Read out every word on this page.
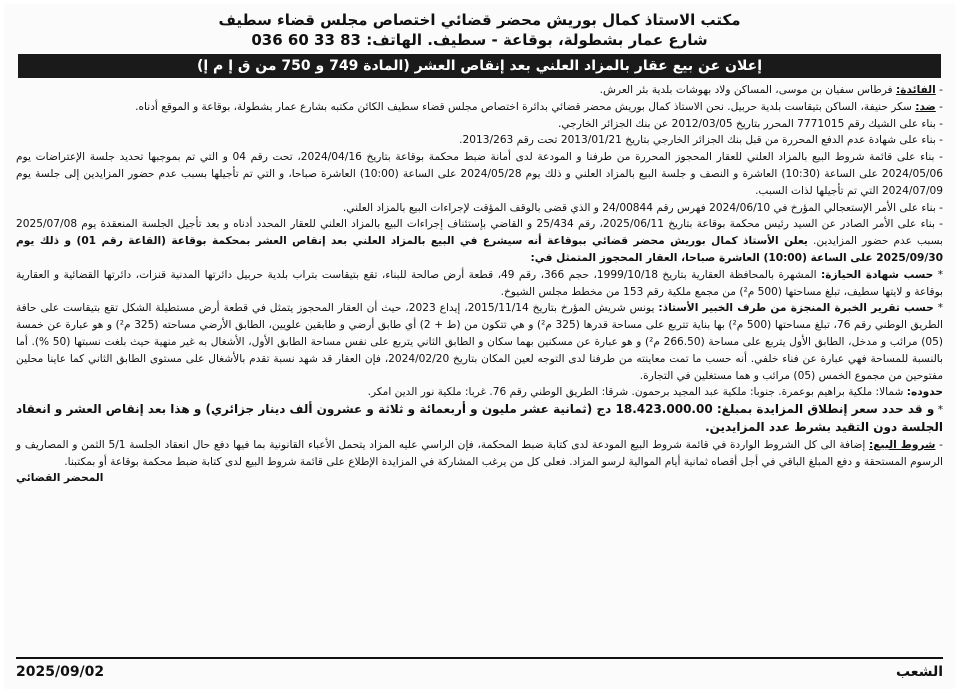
مكتب الاستاذ كمال بوريش محضر قضائي اختصاص مجلس قضاء سطيف
شارع عمار بشطولة، بوقاعة - سطيف. الهاتف: 83 33 60 036
إعلان عن بيع عقار بالمزاد العلني بعد إنقاص العشر (المادة 749 و 750 من ق إ م إ)

- الفائدة: فرطاس سفيان بن موسى، المساكن ولاد بهوشات بلدية بئر العرش.

- ضد: سكر حنيفة، الساكن بتيقاست بلدية حربيل. نحن الاستاذ كمال بوريش محضر قضائي بدائرة اختصاص مجلس قضاء سطيف الكائن مكتبه بشارع عمار بشطولة، بوقاعة و الموقع أدناه.

- بناء على الشيك رقم 7771015 المحرر بتاريخ 2012/03/05 عن بنك الجزائر الخارجي.

- بناء على شهادة عدم الدفع المحررة من قبل بنك الجزائر الخارجي بتاريخ 2013/01/21 تحت رقم 2013/263.

- بناء على قائمة شروط البيع بالمزاد العلني للعقار المحجوز المحررة من طرفنا و المودعة لدى أمانة ضبط محكمة بوقاعة بتاريخ 2024/04/16، تحت رقم 04 و التي تم بموجبها تحديد جلسة الإعتراضات يوم 2024/05/06 على الساعة (10:30) العاشرة و النصف و جلسة البيع بالمزاد العلني و ذلك يوم 2024/05/28 على الساعة (10:00) العاشرة صباحا، و التي تم تأجيلها بسبب عدم حضور المزايدين إلى جلسة يوم 2024/07/09 التي تم تأجيلها لذات السبب.

- بناء على الأمر الإستعجالي المؤرخ في 2024/06/10 فهرس رقم 24/00844 و الذي قضى بالوقف المؤقت لإجراءات البيع بالمزاد العلني.

- بناء على الأمر الصادر عن السيد رئيس محكمة بوقاعة بتاريخ 2025/06/11، رقم 25/434 و القاضي بإستئناف إجراءات البيع بالمزاد العلني للعقار المحدد أدناه و بعد تأجيل الجلسة المنعقدة يوم 2025/07/08 بسبب عدم حضور المزايدين. يعلن الأستاذ كمال بوريش محضر قضائي ببوقاعة أنه سيشرع في البيع بالمزاد العلني بعد إنقاص العشر بمحكمة بوقاعة (القاعة رقم 01) و ذلك يوم 2025/09/30 على الساعة (10:00) العاشرة صباحا، العقار المحجوز المتمثل في:

* حسب شهادة الحيازة: المشهرة بالمحافظة العقارية بتاريخ 1999/10/18، حجم 366، رقم 49، قطعة أرض صالحة للبناء، تقع بتيقاست بتراب بلدية حربيل دائرتها المدنية قنزات، دائرتها القضائية و العقارية بوقاعة و لايتها سطيف، تبلغ مساحتها (500 م²) من مجمع ملكية رقم 153 من مخطط مجلس الشيوخ.

* حسب تقرير الخبرة المنجزة من طرف الخبير الأستاذ: يونس شريش المؤرخ بتاريخ 2015/11/14، إيداع 2023، حيث أن العقار المحجوز يتمثل في قطعة أرض مستطيلة الشكل تقع بتيقاست على حافة الطريق الوطني رقم 76، تبلغ مساحتها (500 م²) بها بناية تتربع على مساحة قدرها (325 م²) و هي تتكون من (ط + 2) أي طابق أرضي و طابقين علويين، الطابق الأرضي مساحته (325 م²) و هو عبارة عن خمسة (05) مرائب و مدخل، الطابق الأول يتربع على مساحة (266.50 م²) و هو عبارة عن مسكنين بهما سكان و الطابق الثاني يتربع على نفس مساحة الطابق الأول، الأشغال به غير منهية حيث بلغت نسبتها (50 %). أما بالنسبة للمساحة فهي عبارة عن فناء خلفي. أنه حسب ما تمت معاينته من طرفنا لدى التوجه لعين المكان بتاريخ 2024/02/20، فإن العقار قد شهد نسبة تقدم بالأشغال على مستوى الطابق الثاني كما عاينا محلين مفتوحين من مجموع الخمس (05) مرائب و هما مستغلين في التجارة.

حدوده: شمالا: ملكية براهيم بوعمرة. جنوبا: ملكية عبد المجيد برحمون. شرقا: الطريق الوطني رقم 76. غربا: ملكية نور الدين امكر.

* و قد حدد سعر إنطلاق المزايدة بمبلغ: 18.423.000.00 دج (ثمانية عشر مليون و أربعمائة و ثلاثة و عشرون ألف دينار جزائري) و هذا بعد إنقاص العشر و انعقاد الجلسة دون التقيد بشرط عدد المزايدين.

- شروط البيع: إضافة الى كل الشروط الواردة في قائمة شروط البيع المودعة لدى كتابة ضبط المحكمة، فإن الراسي عليه المزاد يتحمل الأعباء القانونية بما فيها دفع حال انعقاد الجلسة 5/1 الثمن و المصاريف و الرسوم المستحقة و دفع المبلغ الباقي في أجل أقصاه ثمانية أيام الموالية لرسو المزاد. فعلى كل من يرغب المشاركة في المزايدة الإطلاع على قائمة شروط البيع لدى كتابة ضبط محكمة بوقاعة أو بمكتبنا.

المحضر القضائي
الشعب
2025/09/02
